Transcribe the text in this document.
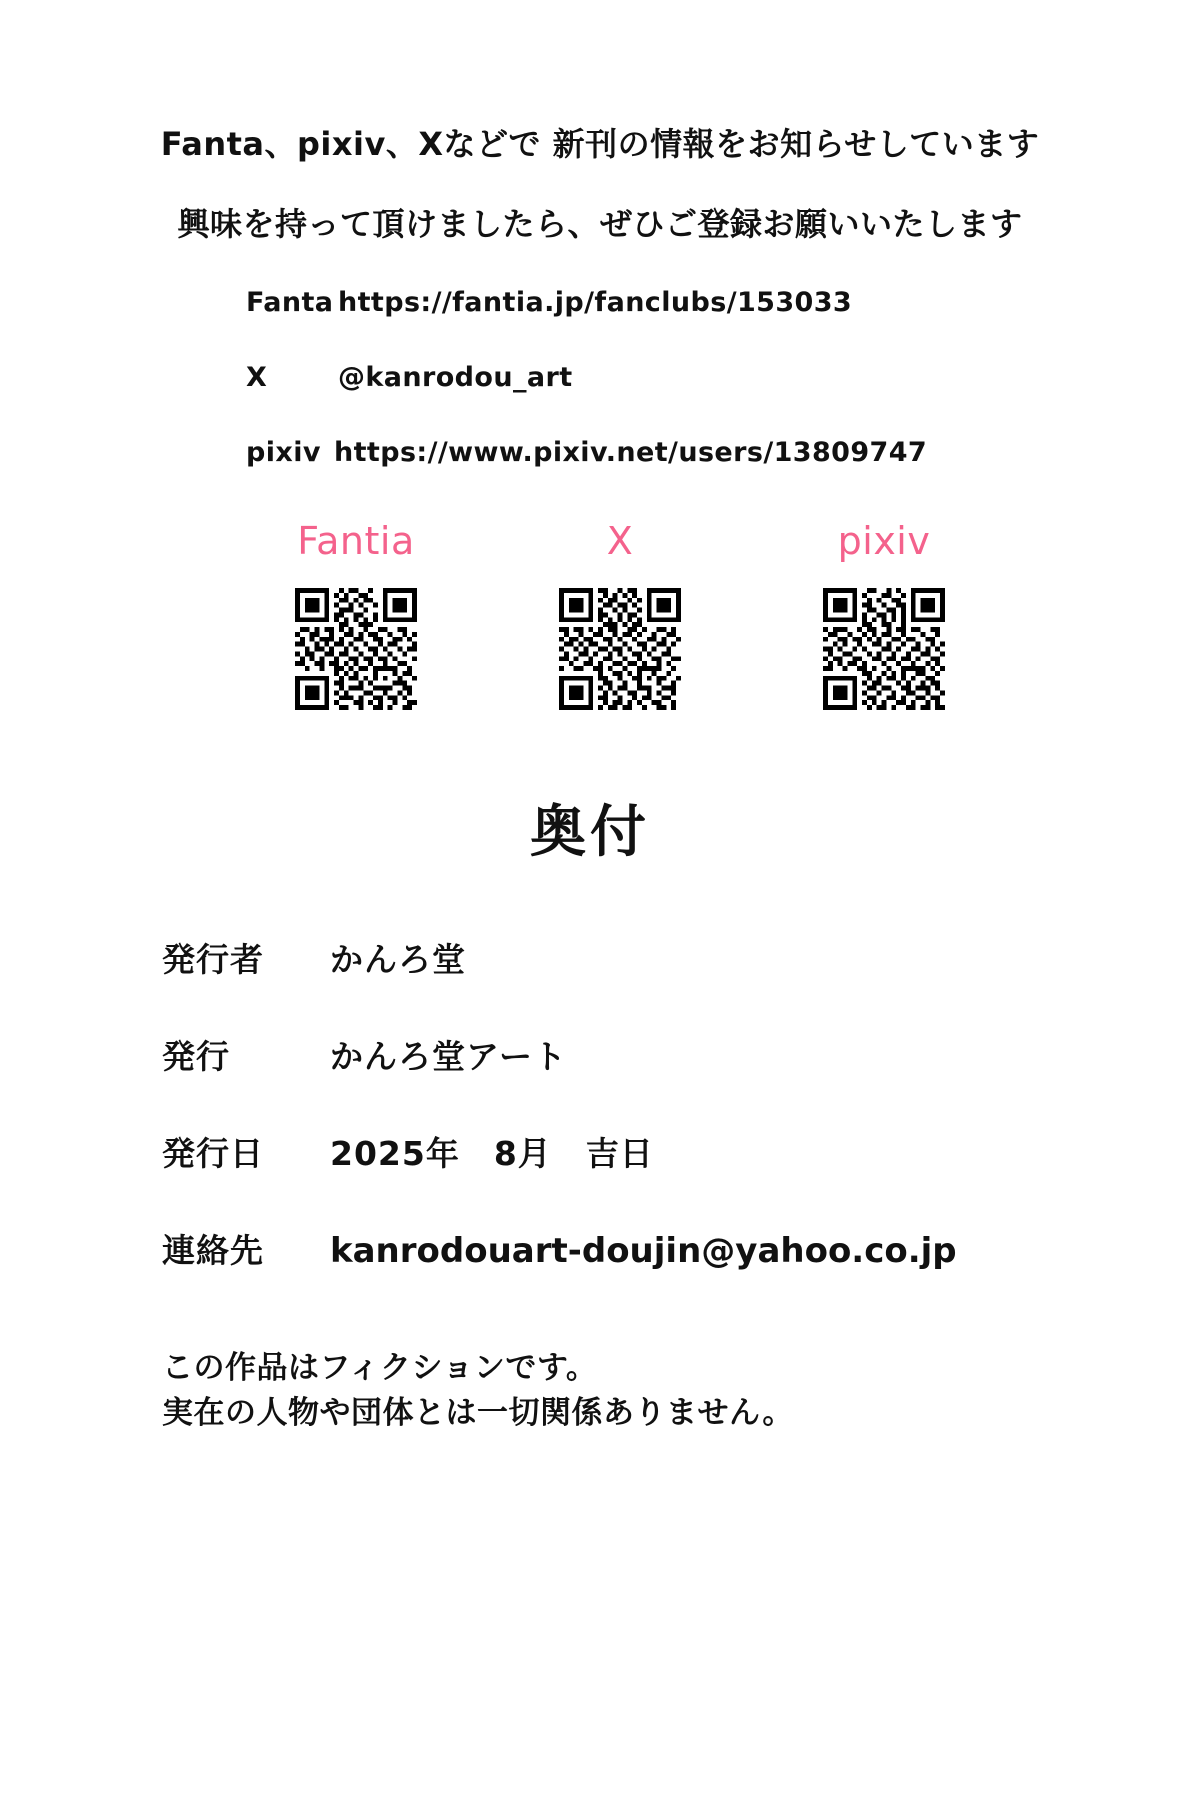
Fanta、pixiv、Xなどで 新刊の情報をお知らせしています

興味を持って頂けましたら、ぜひご登録お願いいたします

Fanta https://fantia.jp/fanclubs/153033
X	@kanrodou_art
pixiv https://www.pixiv.net/users/13809747
Fantia	X	pixiv
奥付
発行者	かんろ堂
発行	かんろ堂アート
発行日	2025年　8月　吉日
連絡先	kanrodouart-doujin@yahoo.co.jp

この作品はフィクションです。

実在の人物や団体とは一切関係ありません。
